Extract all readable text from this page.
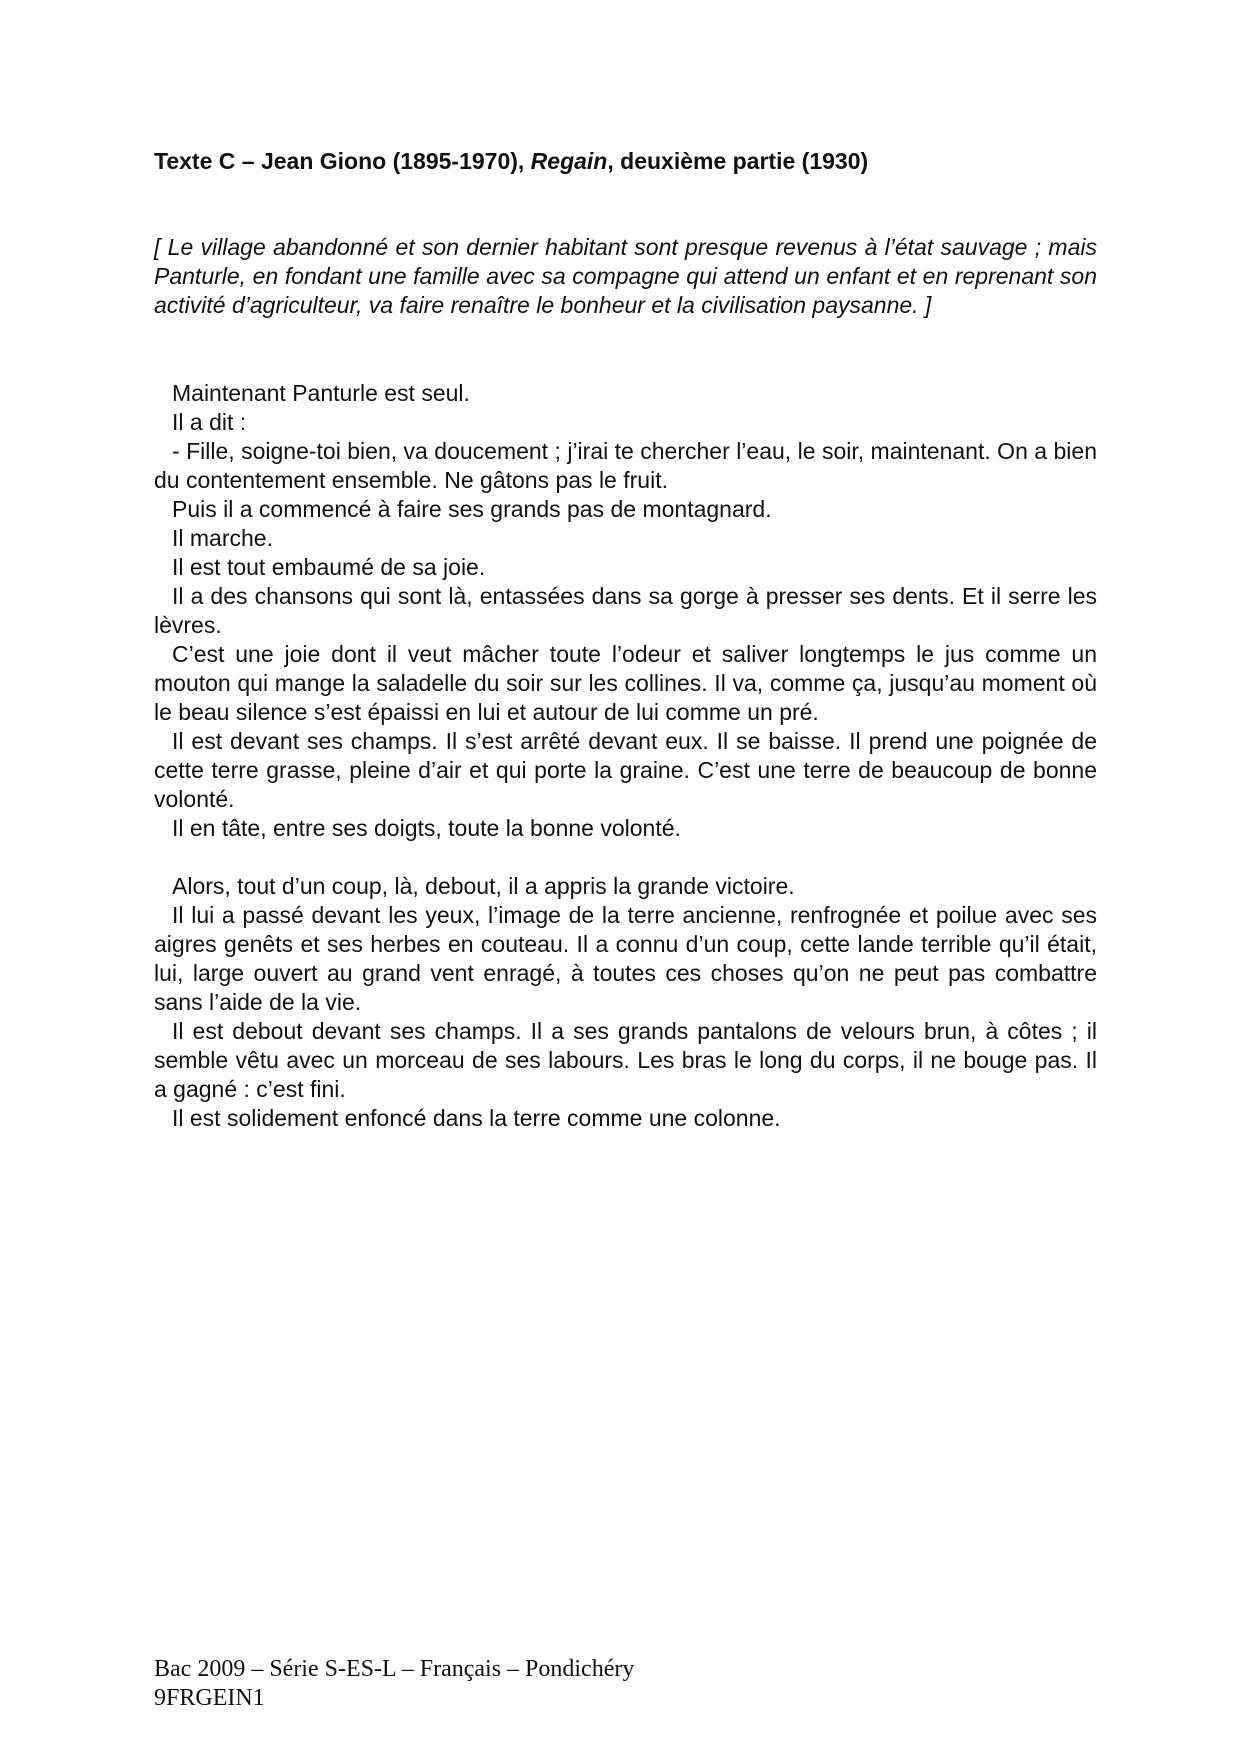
Texte C – Jean Giono (1895-1970), Regain, deuxième partie (1930)
[ Le village abandonné et son dernier habitant sont presque revenus à l’état sauvage ; mais Panturle, en fondant une famille avec sa compagne qui attend un enfant et en reprenant son activité d’agriculteur, va faire renaître le bonheur et la civilisation paysanne. ]

Maintenant Panturle est seul.

Il a dit :

- Fille, soigne-toi bien, va doucement ; j’irai te chercher l’eau, le soir, maintenant. On a bien du contentement ensemble. Ne gâtons pas le fruit.

Puis il a commencé à faire ses grands pas de montagnard.

Il marche.

Il est tout embaumé de sa joie.

Il a des chansons qui sont là, entassées dans sa gorge à presser ses dents. Et il serre les lèvres.

C’est une joie dont il veut mâcher toute l’odeur et saliver longtemps le jus comme un mouton qui mange la saladelle du soir sur les collines. Il va, comme ça, jusqu’au moment où le beau silence s’est épaissi en lui et autour de lui comme un pré.

Il est devant ses champs. Il s’est arrêté devant eux. Il se baisse. Il prend une poignée de cette terre grasse, pleine d’air et qui porte la graine. C’est une terre de beaucoup de bonne volonté.

Il en tâte, entre ses doigts, toute la bonne volonté.

Alors, tout d’un coup, là, debout, il a appris la grande victoire.

Il lui a passé devant les yeux, l’image de la terre ancienne, renfrognée et poilue avec ses aigres genêts et ses herbes en couteau. Il a connu d’un coup, cette lande terrible qu’il était, lui, large ouvert au grand vent enragé, à toutes ces choses qu’on ne peut pas combattre sans l’aide de la vie.

Il est debout devant ses champs. Il a ses grands pantalons de velours brun, à côtes ; il semble vêtu avec un morceau de ses labours. Les bras le long du corps, il ne bouge pas. Il a gagné : c’est fini.

Il est solidement enfoncé dans la terre comme une colonne.

Bac 2009 – Série S-ES-L – Français – Pondichéry
9FRGEIN1
